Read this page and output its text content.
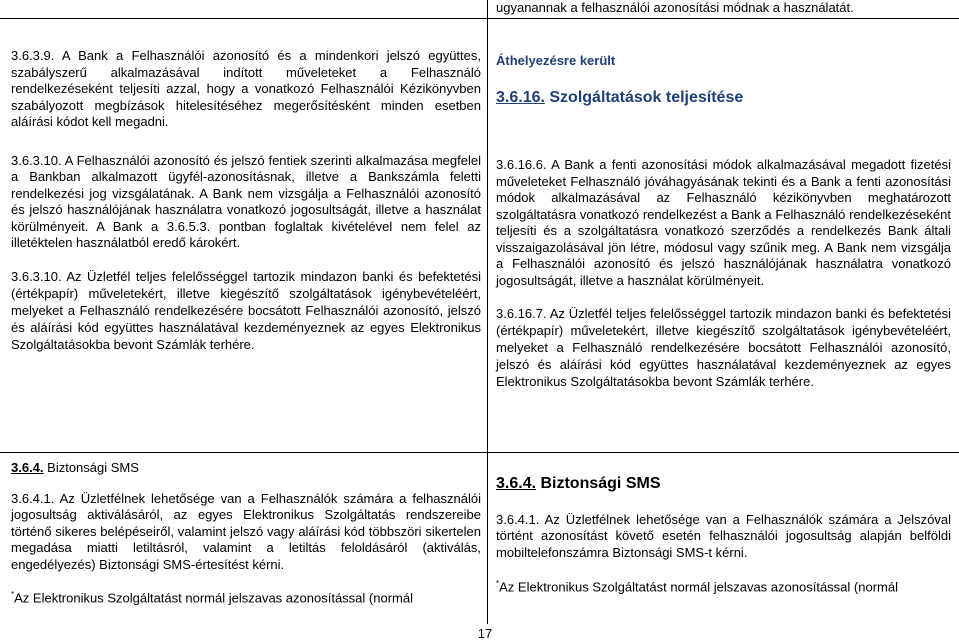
ugyanannak a felhasználói azonosítási módnak a használatát.

3.6.3.9. A Bank a Felhasználói azonosító és a mindenkori jelszó együttes, szabályszerű alkalmazásával indított műveleteket a Felhasználó rendelkezéseként teljesíti azzal, hogy a vonatkozó Felhasználói Kézikönyvben szabályozott megbízások hitelesítéséhez megerősítésként minden esetben aláírási kódot kell megadni.

3.6.3.10. A Felhasználói azonosító és jelszó fentiek szerinti alkalmazása megfelel a Bankban alkalmazott ügyfél-azonosításnak, illetve a Bankszámla feletti rendelkezési jog vizsgálatának. A Bank nem vizsgálja a Felhasználói azonosító és jelszó használójának használatra vonatkozó jogosultságát, illetve a használat körülményeit. A Bank a 3.6.5.3. pontban foglaltak kivételével nem felel az illetéktelen használatból eredő károkért.

3.6.3.10. Az Üzletfél teljes felelősséggel tartozik mindazon banki és befektetési (értékpapír) műveletekért, illetve kiegészítő szolgáltatások igénybevételéért, melyeket a Felhasználó rendelkezésére bocsátott Felhasználói azonosító, jelszó és aláírási kód együttes használatával kezdeményeznek az egyes Elektronikus Szolgáltatásokba bevont Számlák terhére.

Áthelyezésre került

3.6.16. Szolgáltatások teljesítése

3.6.16.6. A Bank a fenti azonosítási módok alkalmazásával megadott fizetési műveleteket Felhasználó jóváhagyásának tekinti és a Bank a fenti azonosítási módok alkalmazásával az Felhasználó kézikönyvben meghatározott szolgáltatásra vonatkozó rendelkezést a Bank a Felhasználó rendelkezéseként teljesíti és a szolgáltatásra vonatkozó szerződés a rendelkezés Bank általi visszaigazolásával jön létre, módosul vagy szűnik meg. A Bank nem vizsgálja a Felhasználói azonosító és jelszó használójának használatra vonatkozó jogosultságát, illetve a használat körülményeit.

3.6.16.7. Az Üzletfél teljes felelősséggel tartozik mindazon banki és befektetési (értékpapír) műveletekért, illetve kiegészítő szolgáltatások igénybevételéért, melyeket a Felhasználó rendelkezésére bocsátott Felhasználói azonosító, jelszó és aláírási kód együttes használatával kezdeményeznek az egyes Elektronikus Szolgáltatásokba bevont Számlák terhére.

3.6.4. Biztonsági SMS

3.6.4.1. Az Üzletfélnek lehetősége van a Felhasználók számára a felhasználói jogosultság aktiválásáról, az egyes Elektronikus Szolgáltatás rendszereibe történő sikeres belépéseiről, valamint jelszó vagy aláírási kód többszöri sikertelen megadása miatti letiltásról, valamint a letiltás feloldásáról (aktiválás, engedélyezés) Biztonsági SMS-értesítést kérni.

*Az Elektronikus Szolgáltatást normál jelszavas azonosítással (normál

3.6.4. Biztonsági SMS

3.6.4.1. Az Üzletfélnek lehetősége van a Felhasználók számára a Jelszóval történt azonosítást követő esetén felhasználói jogosultság alapján belföldi mobiltelefonszámra Biztonsági SMS-t kérni.

*Az Elektronikus Szolgáltatást normál jelszavas azonosítással (normál

17
